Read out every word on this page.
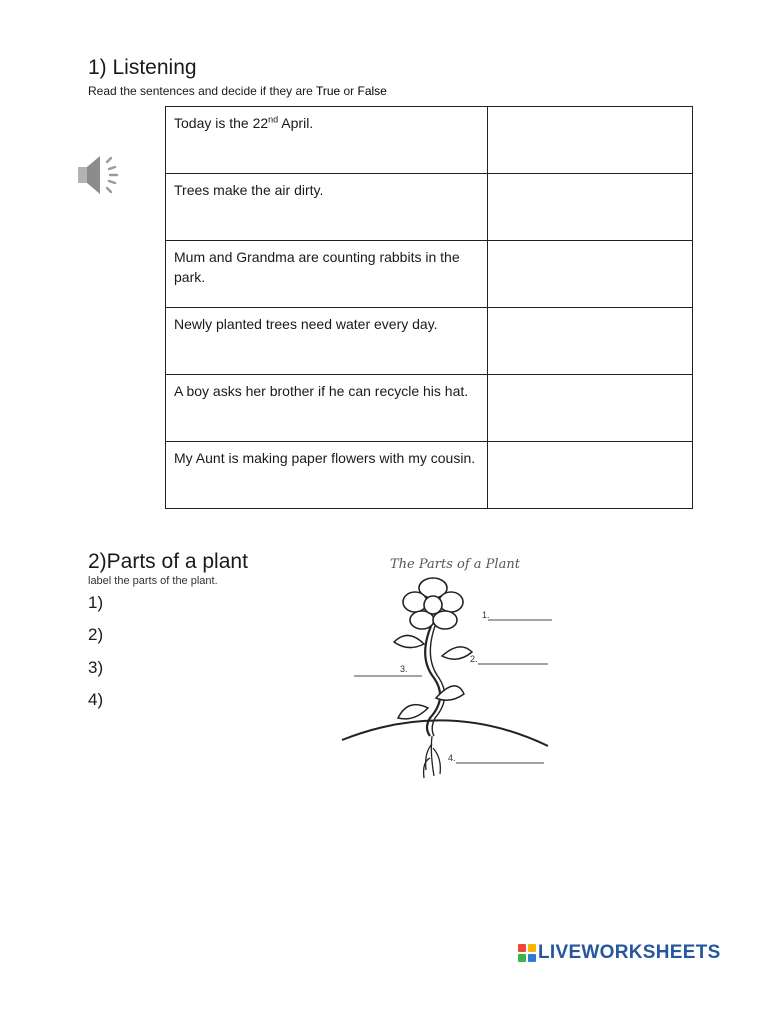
1) Listening
Read the sentences and decide if they are True or False
Today is the 22nd April.	

Trees make the air dirty.	

Mum and Grandma are counting rabbits in the park.	

Newly planted trees need water every day.	

A boy asks her brother if he can recycle his hat.	

My Aunt is making paper flowers with my cousin.	
2)Parts of a plant
label the parts of the plant.
1)
2)
3)
4)
The Parts of a Plant
1.
2.
3.
4.
LIVEWORKSHEETS
